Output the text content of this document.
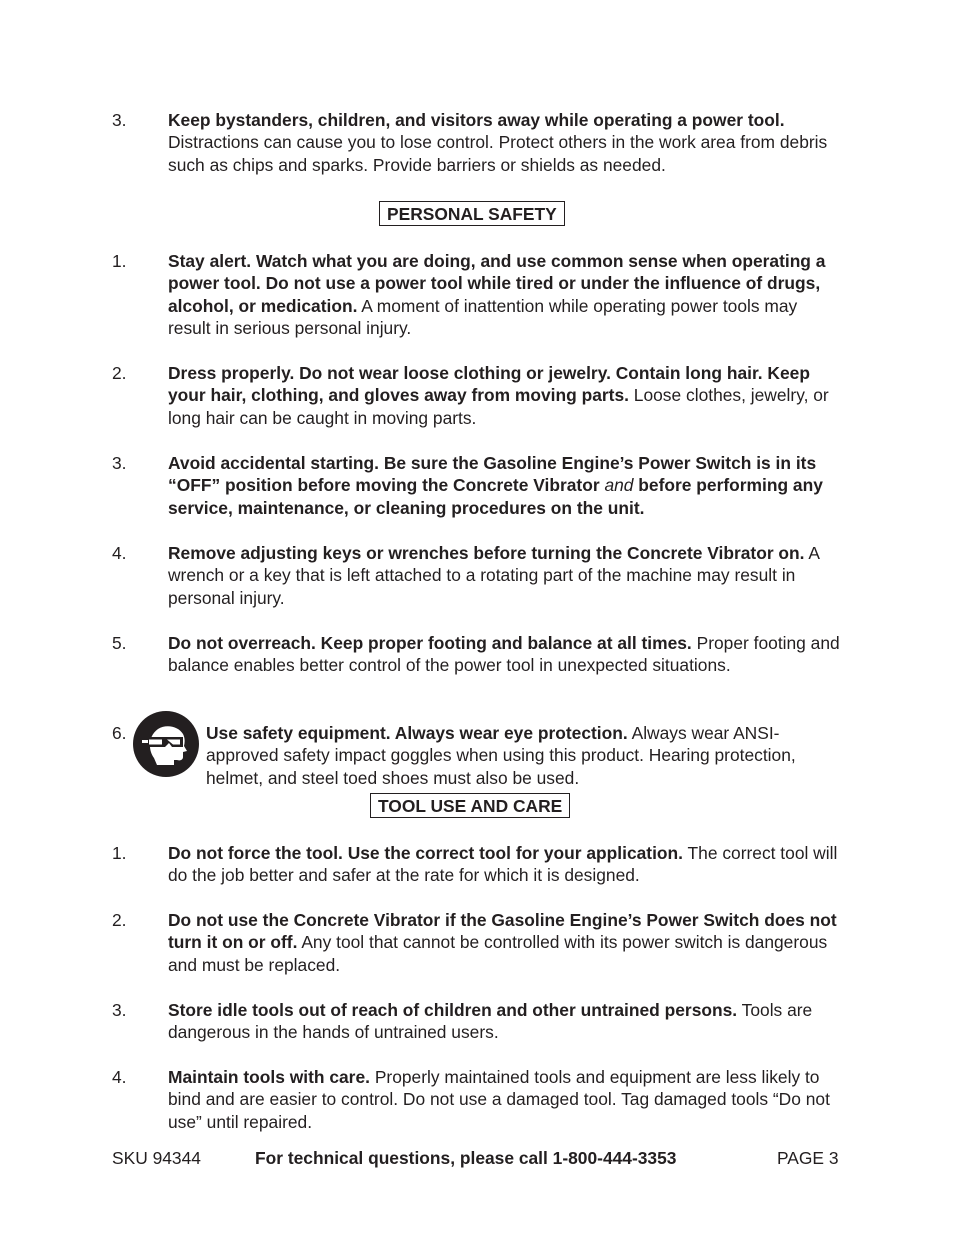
3. Keep bystanders, children, and visitors away while operating a power tool. Distractions can cause you to lose control. Protect others in the work area from debris such as chips and sparks. Provide barriers or shields as needed.
PERSONAL SAFETY
1. Stay alert. Watch what you are doing, and use common sense when operating a power tool. Do not use a power tool while tired or under the influence of drugs, alcohol, or medication. A moment of inattention while operating power tools may result in serious personal injury.
2. Dress properly. Do not wear loose clothing or jewelry. Contain long hair. Keep your hair, clothing, and gloves away from moving parts. Loose clothes, jewelry, or long hair can be caught in moving parts.
3. Avoid accidental starting. Be sure the Gasoline Engine’s Power Switch is in its “OFF” position before moving the Concrete Vibrator and before performing any service, maintenance, or cleaning procedures on the unit.
4. Remove adjusting keys or wrenches before turning the Concrete Vibrator on. A wrench or a key that is left attached to a rotating part of the machine may result in personal injury.
5. Do not overreach. Keep proper footing and balance at all times. Proper footing and balance enables better control of the power tool in unexpected situations.
6.	Use safety equipment. Always wear eye protection. Always wear ANSI-approved safety impact goggles when using this product. Hearing protection, helmet, and steel toed shoes must also be used.
TOOL USE AND CARE
1. Do not force the tool. Use the correct tool for your application. The correct tool will do the job better and safer at the rate for which it is designed.
2. Do not use the Concrete Vibrator if the Gasoline Engine’s Power Switch does not turn it on or off. Any tool that cannot be controlled with its power switch is dangerous and must be replaced.
3. Store idle tools out of reach of children and other untrained persons. Tools are dangerous in the hands of untrained users.
4. Maintain tools with care. Properly maintained tools and equipment are less likely to bind and are easier to control. Do not use a damaged tool. Tag damaged tools “Do not use” until repaired.
SKU 94344	For technical questions, please call 1-800-444-3353	PAGE 3
